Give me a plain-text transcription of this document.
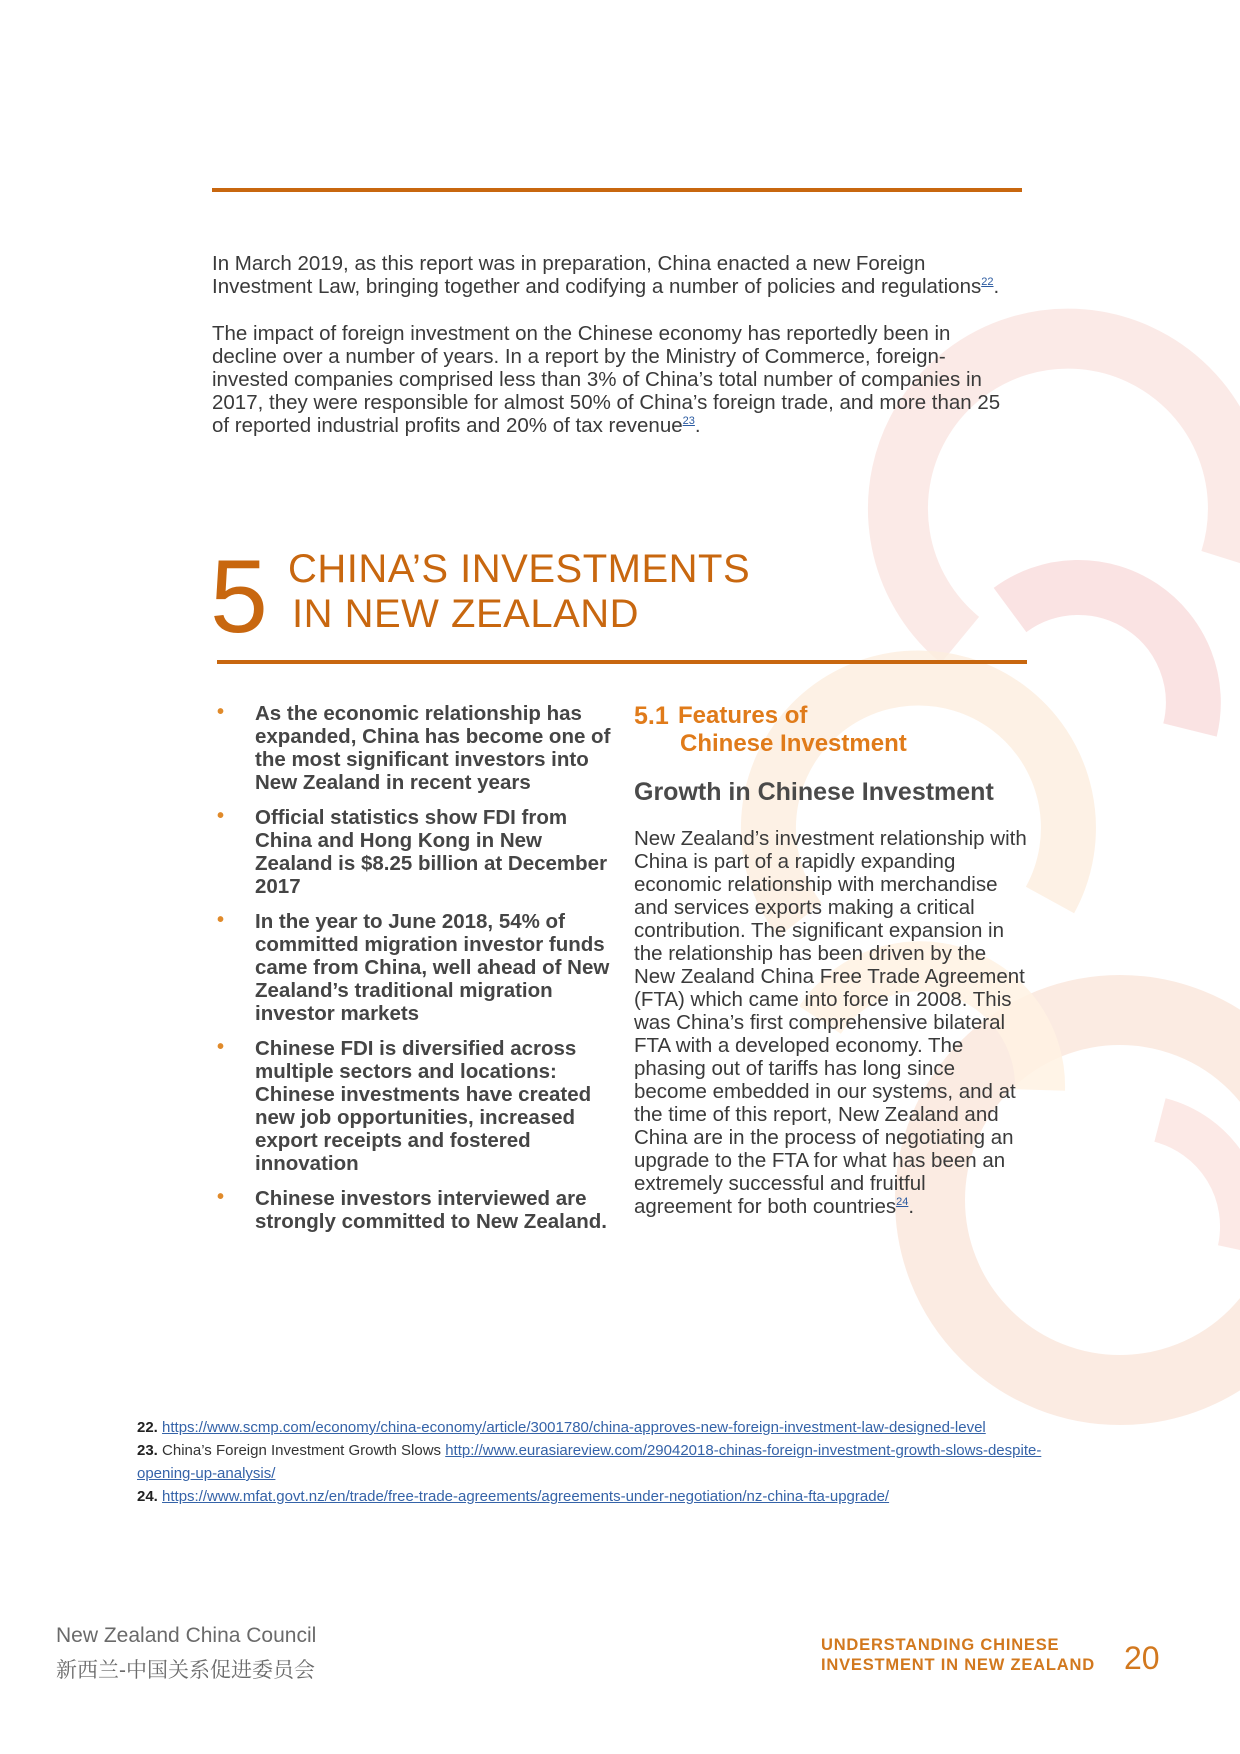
In March 2019, as this report was in preparation, China enacted a new Foreign Investment Law, bringing together and codifying a number of policies and regulations$^{22}$.

The impact of foreign investment on the Chinese economy has reportedly been in decline over a number of years. In a report by the Ministry of Commerce, foreign-invested companies comprised less than 3% of China’s total number of companies in 2017, they were responsible for almost 50% of China’s foreign trade, and more than 25 of reported industrial profits and 20% of tax revenue$^{23}$.

5 CHINA’S INVESTMENTS
IN NEW ZEALAND
• As the economic relationship has expanded, China has become one of the most significant investors into New Zealand in recent years
• Official statistics show FDI from China and Hong Kong in New Zealand is $8.25 billion at December 2017
• In the year to June 2018, 54% of committed migration investor funds came from China, well ahead of New Zealand’s traditional migration investor markets
• Chinese FDI is diversified across multiple sectors and locations: Chinese investments have created new job opportunities, increased export receipts and fostered innovation
• Chinese investors interviewed are strongly committed to New Zealand.
5.1 Features of
Chinese Investment
Growth in Chinese Investment

New Zealand’s investment relationship with China is part of a rapidly expanding economic relationship with merchandise and services exports making a critical contribution. The significant expansion in the relationship has been driven by the New Zealand China Free Trade Agreement (FTA) which came into force in 2008. This was China’s first comprehensive bilateral FTA with a developed economy. The phasing out of tariffs has long since become embedded in our systems, and at the time of this report, New Zealand and China are in the process of negotiating an upgrade to the FTA for what has been an extremely successful and fruitful agreement for both countries$^{24}$.

22. https://www.scmp.com/economy/china-economy/article/3001780/china-approves-new-foreign-investment-law-designed-level
23. China’s Foreign Investment Growth Slows http://www.eurasiareview.com/29042018-chinas-foreign-investment-growth-slows-despite-opening-up-analysis/
24. https://www.mfat.govt.nz/en/trade/free-trade-agreements/agreements-under-negotiation/nz-china-fta-upgrade/
New Zealand China Council
新西兰-中国关系促进委员会
UNDERSTANDING CHINESE
INVESTMENT IN NEW ZEALAND 20
